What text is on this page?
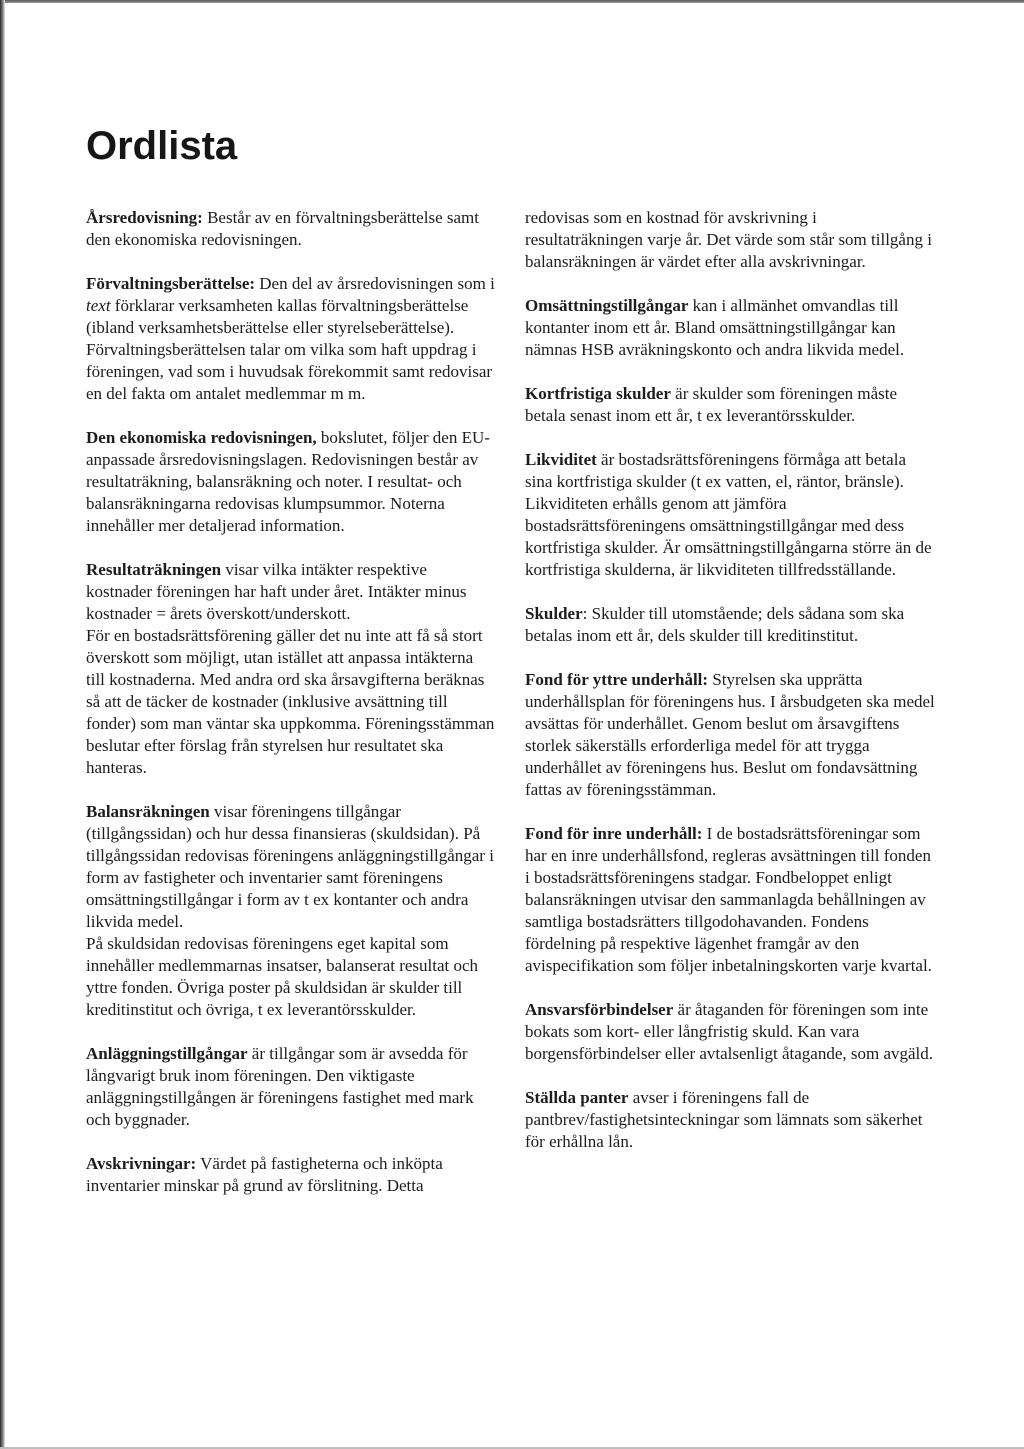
Ordlista

Årsredovisning: Består av en förvaltningsberättelse samt den ekonomiska redovisningen.

Förvaltningsberättelse: Den del av årsredovisningen som i text förklarar verksamheten kallas förvaltningsberättelse (ibland verksamhetsberättelse eller styrelseberättelse). Förvaltningsberättelsen talar om vilka som haft uppdrag i föreningen, vad som i huvudsak förekommit samt redovisar en del fakta om antalet medlemmar m m.

Den ekonomiska redovisningen, bokslutet, följer den EU-anpassade årsredovisningslagen. Redovisningen består av resultaträkning, balansräkning och noter. I resultat- och balansräkningarna redovisas klumpsummor. Noterna innehåller mer detaljerad information.

Resultaträkningen visar vilka intäkter respektive kostnader föreningen har haft under året. Intäkter minus kostnader = årets överskott/underskott.
För en bostadsrättsförening gäller det nu inte att få så stort överskott som möjligt, utan istället att anpassa intäkterna till kostnaderna. Med andra ord ska årsavgifterna beräknas så att de täcker de kostnader (inklusive avsättning till fonder) som man väntar ska uppkomma. Föreningsstämman beslutar efter förslag från styrelsen hur resultatet ska hanteras.

Balansräkningen visar föreningens tillgångar (tillgångssidan) och hur dessa finansieras (skuldsidan). På tillgångssidan redovisas föreningens anläggningstillgångar i form av fastigheter och inventarier samt föreningens omsättningstillgångar i form av t ex kontanter och andra likvida medel.
På skuldsidan redovisas föreningens eget kapital som innehåller medlemmarnas insatser, balanserat resultat och yttre fonden. Övriga poster på skuldsidan är skulder till kreditinstitut och övriga, t ex leverantörsskulder.

Anläggningstillgångar är tillgångar som är avsedda för långvarigt bruk inom föreningen. Den viktigaste anläggningstillgången är föreningens fastighet med mark och byggnader.

Avskrivningar: Värdet på fastigheterna och inköpta inventarier minskar på grund av förslitning. Detta

redovisas som en kostnad för avskrivning i resultaträkningen varje år. Det värde som står som tillgång i balansräkningen är värdet efter alla avskrivningar.

Omsättningstillgångar kan i allmänhet omvandlas till kontanter inom ett år. Bland omsättningstillgångar kan nämnas HSB avräkningskonto och andra likvida medel.

Kortfristiga skulder är skulder som föreningen måste betala senast inom ett år, t ex leverantörsskulder.

Likviditet är bostadsrättsföreningens förmåga att betala sina kortfristiga skulder (t ex vatten, el, räntor, bränsle). Likviditeten erhålls genom att jämföra bostadsrättsföreningens omsättningstillgångar med dess kortfristiga skulder. Är omsättningstillgångarna större än de kortfristiga skulderna, är likviditeten tillfredsställande.

Skulder: Skulder till utomstående; dels sådana som ska betalas inom ett år, dels skulder till kreditinstitut.

Fond för yttre underhåll: Styrelsen ska upprätta underhållsplan för föreningens hus. I årsbudgeten ska medel avsättas för underhållet. Genom beslut om årsavgiftens storlek säkerställs erforderliga medel för att trygga underhållet av föreningens hus. Beslut om fondavsättning fattas av föreningsstämman.

Fond för inre underhåll: I de bostadsrättsföreningar som har en inre underhållsfond, regleras avsättningen till fonden i bostadsrättsföreningens stadgar. Fondbeloppet enligt balansräkningen utvisar den sammanlagda behållningen av samtliga bostadsrätters tillgodohavanden. Fondens fördelning på respektive lägenhet framgår av den avispecifikation som följer inbetalningskorten varje kvartal.

Ansvarsförbindelser är åtaganden för föreningen som inte bokats som kort- eller långfristig skuld. Kan vara borgensförbindelser eller avtalsenligt åtagande, som avgäld.

Ställda panter avser i föreningens fall de pantbrev/fastighetsinteckningar som lämnats som säkerhet för erhållna lån.
